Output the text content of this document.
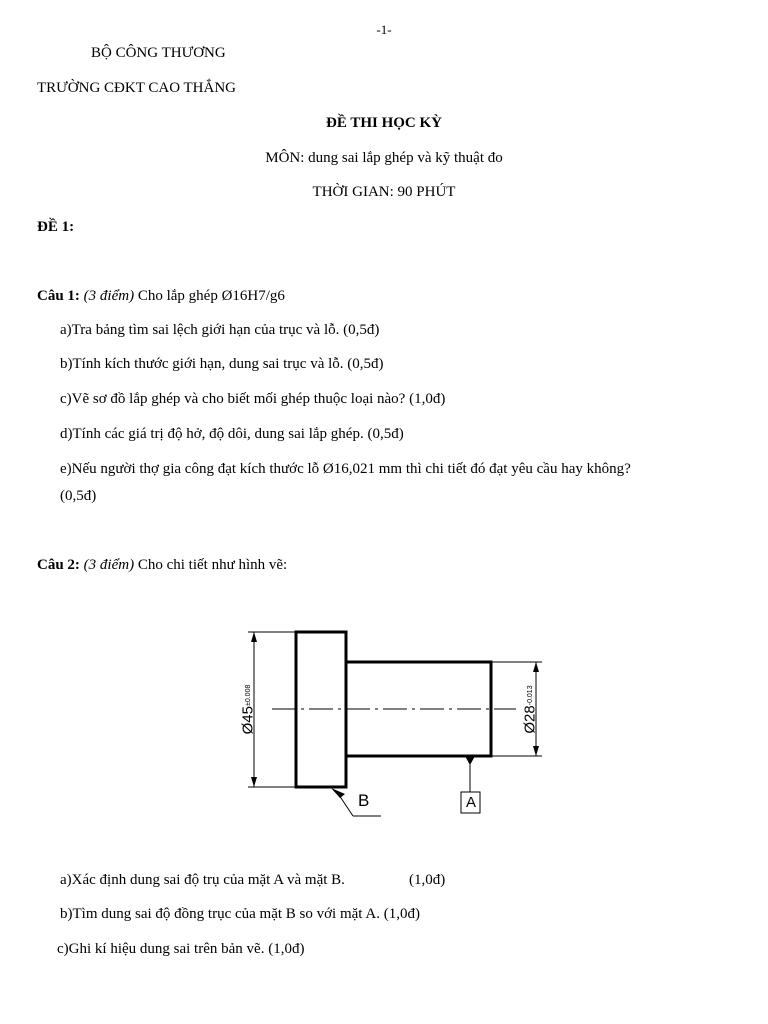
-1-
BỘ CÔNG THƯƠNG
TRƯỜNG CĐKT CAO THẮNG
ĐỀ THI HỌC KỲ
MÔN: dung sai lắp ghép và kỹ thuật đo
THỜI GIAN: 90 PHÚT
ĐỀ 1:
Câu 1: (3 điểm) Cho lắp ghép Ø16H7/g6
a)Tra bảng tìm sai lệch giới hạn của trục và lỗ. (0,5đ)
b)Tính kích thước giới hạn, dung sai trục và lỗ. (0,5đ)
c)Vẽ sơ đồ lắp ghép và cho biết mối ghép thuộc loại nào? (1,0đ)
d)Tính các giá trị độ hở, độ dôi, dung sai lắp ghép. (0,5đ)
e)Nếu người thợ gia công đạt kích thước lỗ Ø16,021 mm thì chi tiết đó đạt yêu cầu hay không?
(0,5đ)
Câu 2: (3 điểm) Cho chi tiết như hình vẽ:
Ø45±0.008
Ø28-0.013
B	A
a)Xác định dung sai độ trụ của mặt A và mặt B.	(1,0đ)
b)Tìm dung sai độ đồng trục của mặt B so với mặt A. (1,0đ)
c)Ghi kí hiệu dung sai trên bản vẽ. (1,0đ)
